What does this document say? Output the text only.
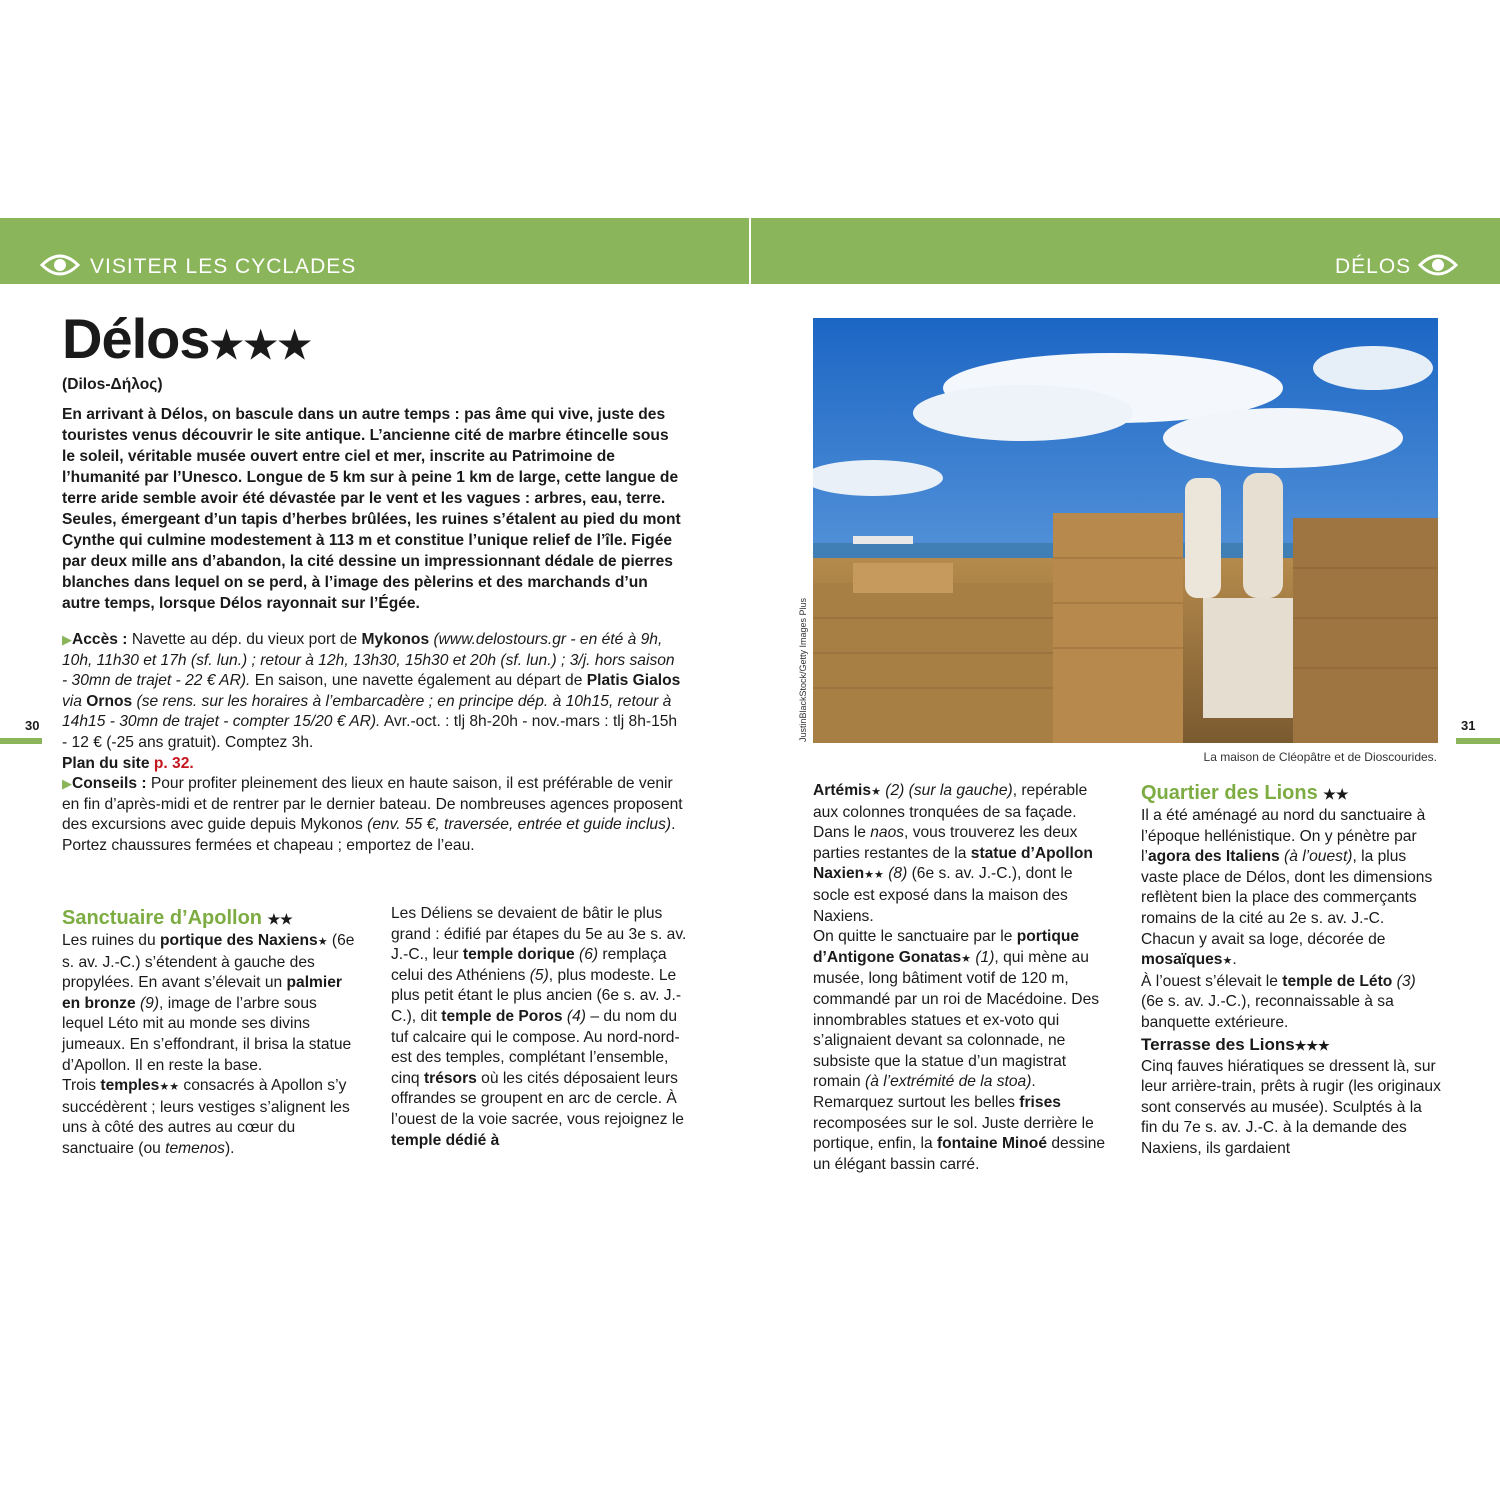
VISITER LES CYCLADES	DÉLOS
30	31
Délos★★★
(Dilos-Δήλος)
En arrivant à Délos, on bascule dans un autre temps : pas âme qui vive, juste des touristes venus découvrir le site antique. L’ancienne cité de marbre étincelle sous le soleil, véritable musée ouvert entre ciel et mer, inscrite au Patrimoine de l’humanité par l’Unesco. Longue de 5 km sur à peine 1 km de large, cette langue de terre aride semble avoir été dévastée par le vent et les vagues : arbres, eau, terre. Seules, émergeant d’un tapis d’herbes brûlées, les ruines s’étalent au pied du mont Cynthe qui culmine modestement à 113 m et constitue l’unique relief de l’île. Figée par deux mille ans d’abandon, la cité dessine un impressionnant dédale de pierres blanches dans lequel on se perd, à l’image des pèlerins et des marchands d’un autre temps, lorsque Délos rayonnait sur l’Égée.

▶Accès : Navette au dép. du vieux port de Mykonos (www.delostours.gr - en été à 9h, 10h, 11h30 et 17h (sf. lun.) ; retour à 12h, 13h30, 15h30 et 20h (sf. lun.) ; 3/j. hors saison - 30mn de trajet - 22 € AR). En saison, une navette également au départ de Platis Gialos via Ornos (se rens. sur les horaires à l’embarcadère ; en principe dép. à 10h15, retour à 14h15 - 30mn de trajet - compter 15/20 € AR). Avr.-oct. : tlj 8h-20h - nov.-mars : tlj 8h-15h - 12 € (-25 ans gratuit). Comptez 3h.

Plan du site p. 32.

▶Conseils : Pour profiter pleinement des lieux en haute saison, il est préférable de venir en fin d’après-midi et de rentrer par le dernier bateau. De nombreuses agences proposent des excursions avec guide depuis Mykonos (env. 55 €, traversée, entrée et guide inclus). Portez chaussures fermées et chapeau ; emportez de l’eau.

Sanctuaire d’Apollon ★★

Les ruines du portique des Naxiens★ (6e s. av. J.-C.) s’étendent à gauche des propylées. En avant s’élevait un palmier en bronze (9), image de l’arbre sous lequel Léto mit au monde ses divins jumeaux. En s’effondrant, il brisa la statue d’Apollon. Il en reste la base.

Trois temples★★ consacrés à Apollon s’y succédèrent ; leurs vestiges s’alignent les uns à côté des autres au cœur du sanctuaire (ou temenos).

Les Déliens se devaient de bâtir le plus grand : édifié par étapes du 5e au 3e s. av. J.-C., leur temple dorique (6) remplaça celui des Athéniens (5), plus modeste. Le plus petit étant le plus ancien (6e s. av. J.-C.), dit temple de Poros (4) – du nom du tuf calcaire qui le compose. Au nord-nord-est des temples, complétant l’ensemble, cinq trésors où les cités déposaient leurs offrandes se groupent en arc de cercle. À l’ouest de la voie sacrée, vous rejoignez le temple dédié à

JustinBlackStock/Getty Images Plus
La maison de Cléopâtre et de Dioscourides.

Artémis★ (2) (sur la gauche), repérable aux colonnes tronquées de sa façade. Dans le naos, vous trouverez les deux parties restantes de la statue d’Apollon Naxien★★ (8) (6e s. av. J.-C.), dont le socle est exposé dans la maison des Naxiens.

On quitte le sanctuaire par le portique d’Antigone Gonatas★ (1), qui mène au musée, long bâtiment votif de 120 m, commandé par un roi de Macédoine. Des innombrables statues et ex-voto qui s’alignaient devant sa colonnade, ne subsiste que la statue d’un magistrat romain (à l’extrémité de la stoa). Remarquez surtout les belles frises recomposées sur le sol. Juste derrière le portique, enfin, la fontaine Minoé dessine un élégant bassin carré.

Quartier des Lions ★★

Il a été aménagé au nord du sanctuaire à l’époque hellénistique. On y pénètre par l’agora des Italiens (à l’ouest), la plus vaste place de Délos, dont les dimensions reflètent bien la place des commerçants romains de la cité au 2e s. av. J.-C. Chacun y avait sa loge, décorée de mosaïques★.

À l’ouest s’élevait le temple de Léto (3) (6e s. av. J.-C.), reconnaissable à sa banquette extérieure.

Terrasse des Lions★★★

Cinq fauves hiératiques se dressent là, sur leur arrière-train, prêts à rugir (les originaux sont conservés au musée). Sculptés à la fin du 7e s. av. J.-C. à la demande des Naxiens, ils gardaient
